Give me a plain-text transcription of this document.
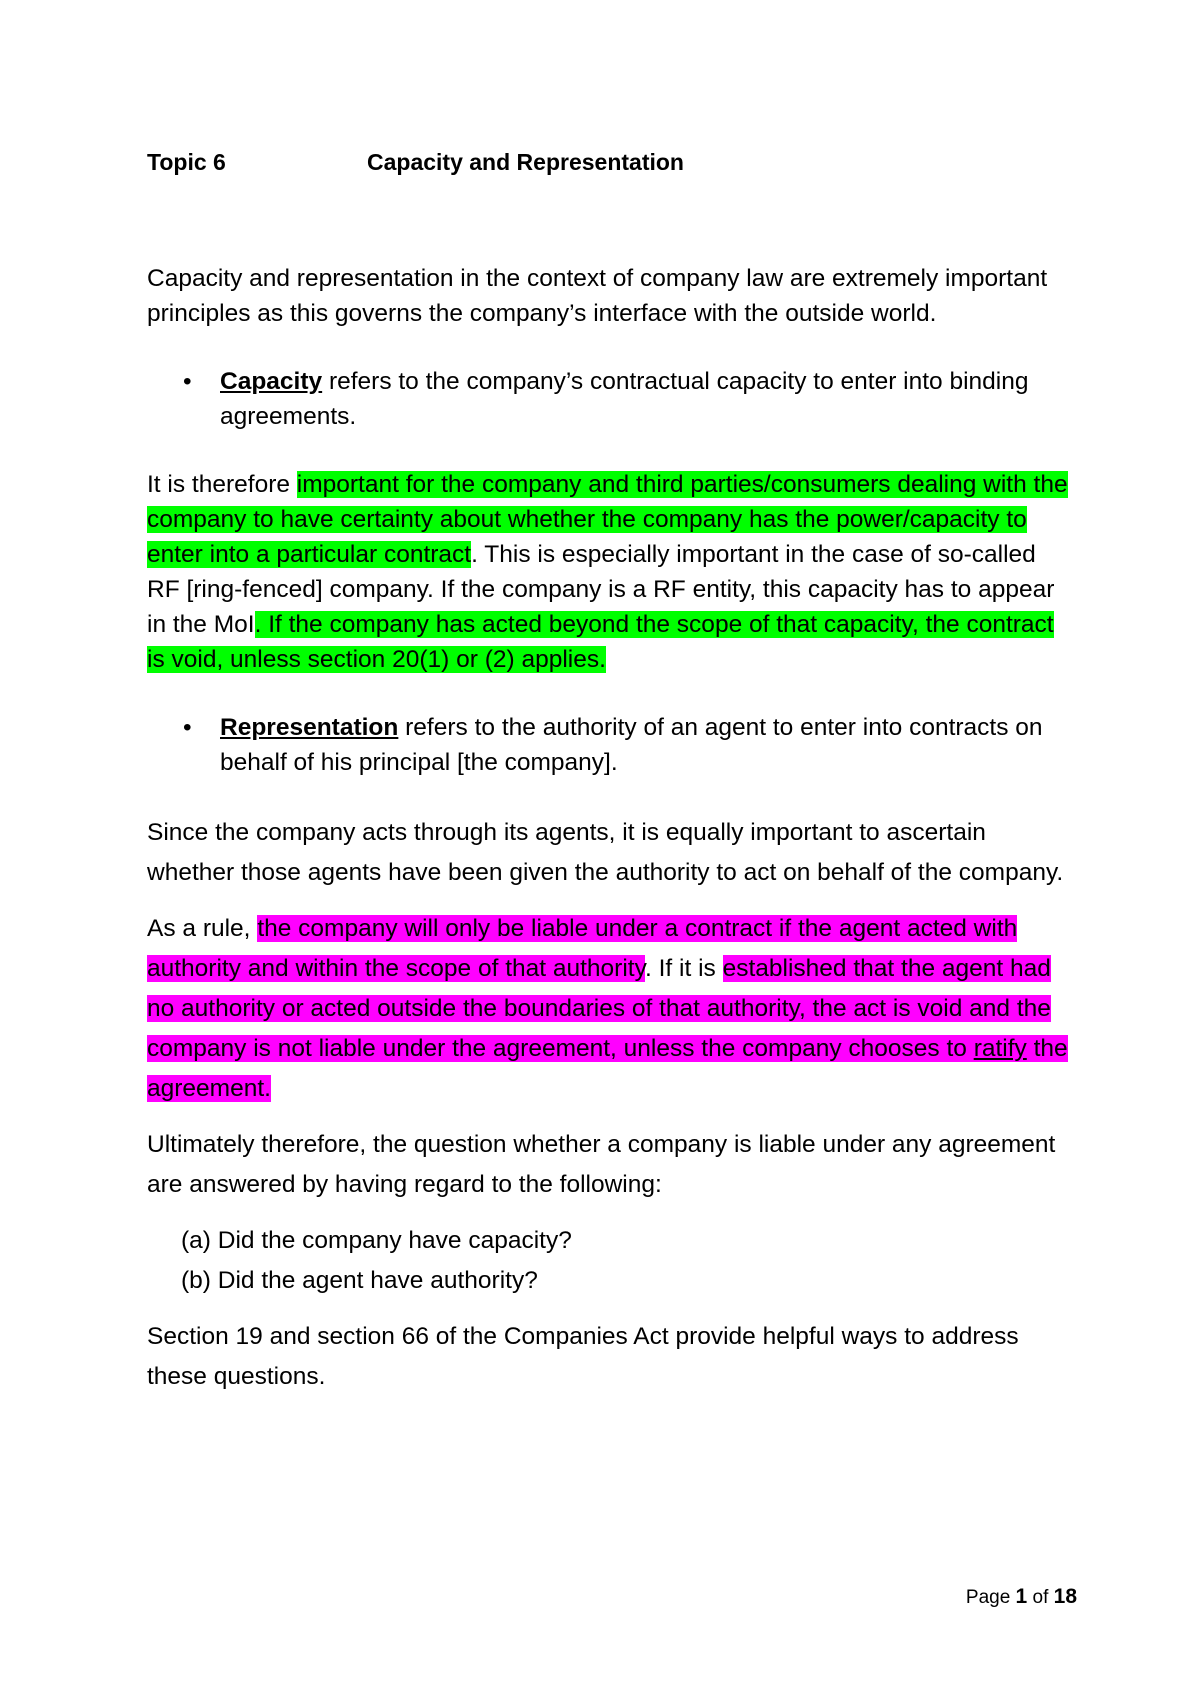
Topic 6	Capacity and Representation

Capacity and representation in the context of company law are extremely important principles as this governs the company’s interface with the outside world.

• Capacity refers to the company’s contractual capacity to enter into binding agreements.

It is therefore important for the company and third parties/consumers dealing with the company to have certainty about whether the company has the power/capacity to enter into a particular contract. This is especially important in the case of so-called RF [ring-fenced] company. If the company is a RF entity, this capacity has to appear in the MoI. If the company has acted beyond the scope of that capacity, the contract is void, unless section 20(1) or (2) applies.

• Representation refers to the authority of an agent to enter into contracts on behalf of his principal [the company].

Since the company acts through its agents, it is equally important to ascertain whether those agents have been given the authority to act on behalf of the company.

As a rule, the company will only be liable under a contract if the agent acted with authority and within the scope of that authority. If it is established that the agent had no authority or acted outside the boundaries of that authority, the act is void and the company is not liable under the agreement, unless the company chooses to ratify the agreement.

Ultimately therefore, the question whether a company is liable under any agreement are answered by having regard to the following:

(a) Did the company have capacity?
(b) Did the agent have authority?

Section 19 and section 66 of the Companies Act provide helpful ways to address these questions.

Page 1 of 18
